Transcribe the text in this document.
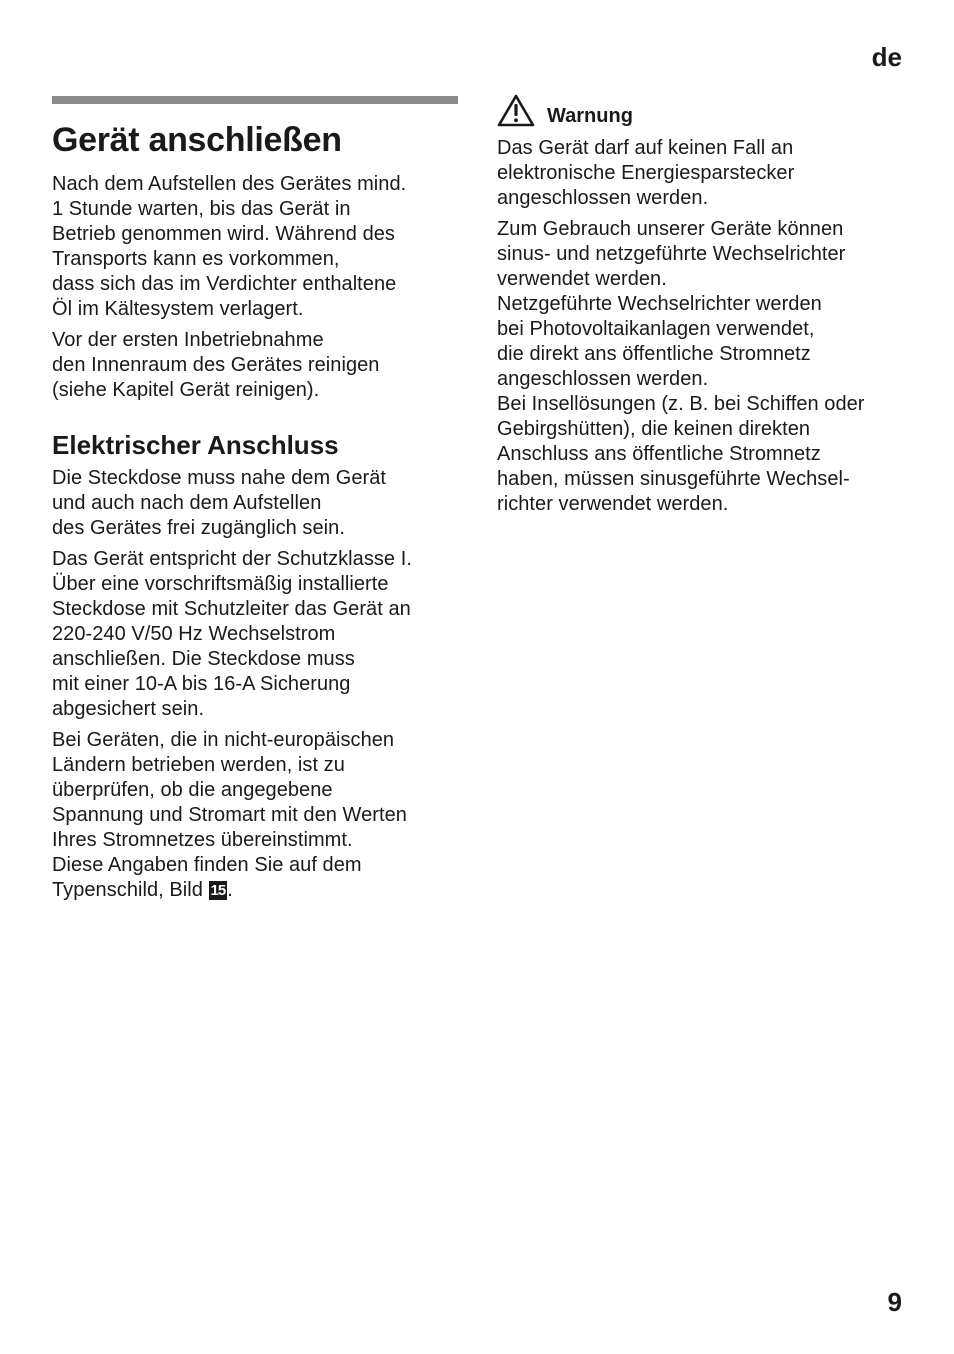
de
Gerät anschließen

Nach dem Aufstellen des Gerätes mind.
1 Stunde warten, bis das Gerät in
Betrieb genommen wird. Während des
Transports kann es vorkommen,
dass sich das im Verdichter enthaltene
Öl im Kältesystem verlagert.

Vor der ersten Inbetriebnahme
den Innenraum des Gerätes reinigen
(siehe Kapitel Gerät reinigen).

Elektrischer Anschluss

Die Steckdose muss nahe dem Gerät
und auch nach dem Aufstellen
des Gerätes frei zugänglich sein.

Das Gerät entspricht der Schutzklasse I.
Über eine vorschriftsmäßig installierte
Steckdose mit Schutzleiter das Gerät an
220-240 V/50 Hz Wechselstrom
anschließen. Die Steckdose muss
mit einer 10-A bis 16-A Sicherung
abgesichert sein.

Bei Geräten, die in nicht-europäischen
Ländern betrieben werden, ist zu
überprüfen, ob die angegebene
Spannung und Stromart mit den Werten
Ihres Stromnetzes übereinstimmt.
Diese Angaben finden Sie auf dem
Typenschild, Bild 15 .

Warnung

Das Gerät darf auf keinen Fall an
elektronische Energiesparstecker
angeschlossen werden.

Zum Gebrauch unserer Geräte können
sinus- und netzgeführte Wechselrichter
verwendet werden.

Netzgeführte Wechselrichter werden
bei Photovoltaikanlagen verwendet,
die direkt ans öffentliche Stromnetz
angeschlossen werden.

Bei Insellösungen (z. B. bei Schiffen oder
Gebirgshütten), die keinen direkten
Anschluss ans öffentliche Stromnetz
haben, müssen sinusgeführte Wechsel-
richter verwendet werden.

9
